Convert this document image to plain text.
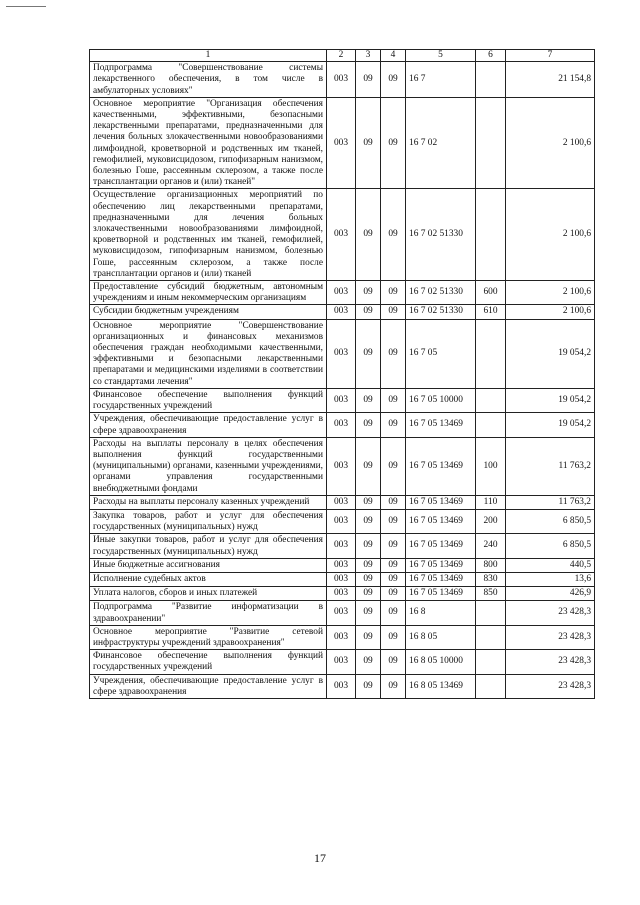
1	2	3	4	5	6	7
Подпрограмма "Совершенствование системы лекарственного обеспечения, в том числе в амбулаторных условиях"	003	09	09	16 7		21 154,8
Основное мероприятие "Организация обеспечения качественными, эффективными, безопасными лекарственными препаратами, предназначенными для лечения больных злокачественными новообразованиями лимфоидной, кроветворной и родственных им тканей, гемофилией, муковисцидозом, гипофизарным нанизмом, болезнью Гоше, рассеянным склерозом, а также после трансплантации органов и (или) тканей"	003	09	09	16 7 02		2 100,6
Осуществление организационных мероприятий по обеспечению лиц лекарственными препаратами, предназначенными для лечения больных злокачественными новообразованиями лимфоидной, кроветворной и родственных им тканей, гемофилией, муковисцидозом, гипофизарным нанизмом, болезнью Гоше, рассеянным склерозом, а также после трансплантации органов и (или) тканей	003	09	09	16 7 02 51330		2 100,6
Предоставление субсидий бюджетным, автономным учреждениям и иным некоммерческим организациям	003	09	09	16 7 02 51330	600	2 100,6
Субсидии бюджетным учреждениям	003	09	09	16 7 02 51330	610	2 100,6
Основное мероприятие "Совершенствование организационных и финансовых механизмов обеспечения граждан необходимыми качественными, эффективными и безопасными лекарственными препаратами и медицинскими изделиями в соответствии со стандартами лечения"	003	09	09	16 7 05		19 054,2
Финансовое обеспечение выполнения функций государственных учреждений	003	09	09	16 7 05 10000		19 054,2
Учреждения, обеспечивающие предоставление услуг в сфере здравоохранения	003	09	09	16 7 05 13469		19 054,2
Расходы на выплаты персоналу в целях обеспечения выполнения функций государственными (муниципальными) органами, казенными учреждениями, органами управления государственными внебюджетными фондами	003	09	09	16 7 05 13469	100	11 763,2
Расходы на выплаты персоналу казенных учреждений	003	09	09	16 7 05 13469	110	11 763,2
Закупка товаров, работ и услуг для обеспечения государственных (муниципальных) нужд	003	09	09	16 7 05 13469	200	6 850,5
Иные закупки товаров, работ и услуг для обеспечения государственных (муниципальных) нужд	003	09	09	16 7 05 13469	240	6 850,5
Иные бюджетные ассигнования	003	09	09	16 7 05 13469	800	440,5
Исполнение судебных актов	003	09	09	16 7 05 13469	830	13,6
Уплата налогов, сборов и иных платежей	003	09	09	16 7 05 13469	850	426,9
Подпрограмма "Развитие информатизации в здравоохранении"	003	09	09	16 8		23 428,3
Основное мероприятие "Развитие сетевой инфраструктуры учреждений здравоохранения"	003	09	09	16 8 05		23 428,3
Финансовое обеспечение выполнения функций государственных учреждений	003	09	09	16 8 05 10000		23 428,3
Учреждения, обеспечивающие предоставление услуг в сфере здравоохранения	003	09	09	16 8 05 13469		23 428,3
17
